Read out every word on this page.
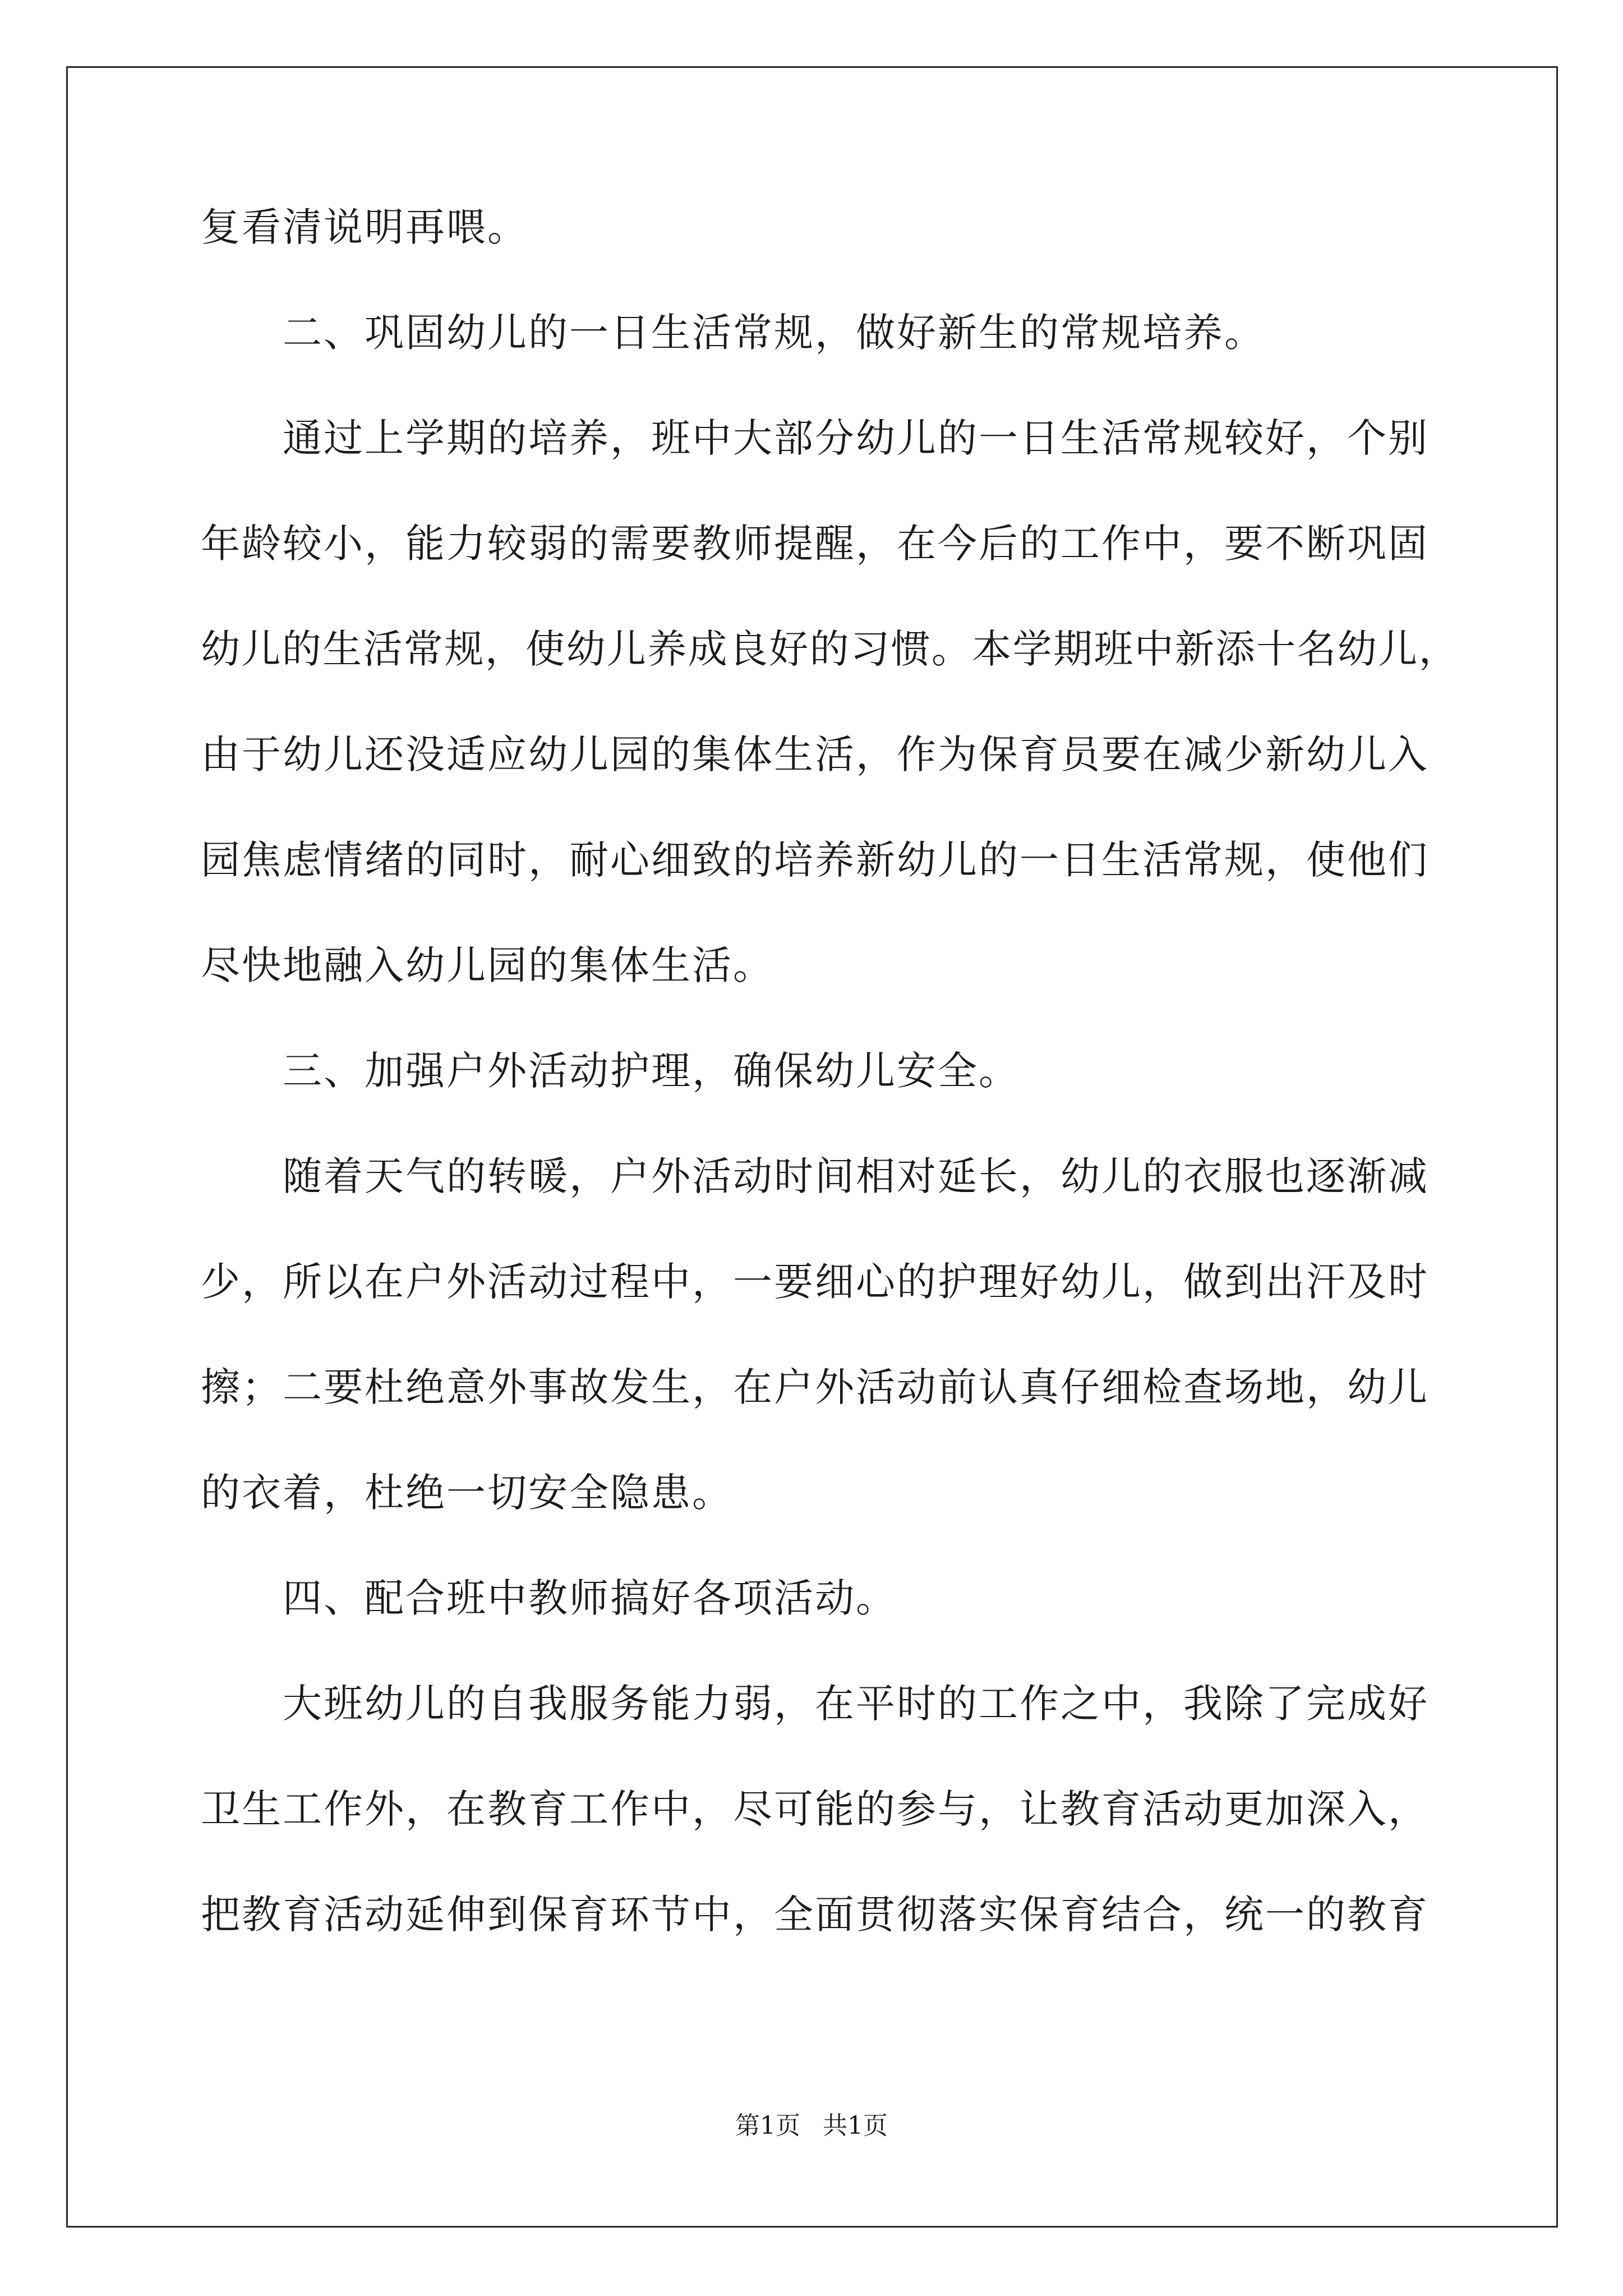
复看清说明再喂。
二、巩固幼儿的一日生活常规，做好新生的常规培养。
通过上学期的培养，班中大部分幼儿的一日生活常规较好，个别
年龄较小，能力较弱的需要教师提醒，在今后的工作中，要不断巩固
幼儿的生活常规，使幼儿养成良好的习惯。本学期班中新添十名幼儿，
由于幼儿还没适应幼儿园的集体生活，作为保育员要在减少新幼儿入
园焦虑情绪的同时，耐心细致的培养新幼儿的一日生活常规，使他们
尽快地融入幼儿园的集体生活。
三、加强户外活动护理，确保幼儿安全。
随着天气的转暖，户外活动时间相对延长，幼儿的衣服也逐渐减
少，所以在户外活动过程中，一要细心的护理好幼儿，做到出汗及时
擦；二要杜绝意外事故发生，在户外活动前认真仔细检查场地，幼儿
的衣着，杜绝一切安全隐患。
四、配合班中教师搞好各项活动。
大班幼儿的自我服务能力弱，在平时的工作之中，我除了完成好
卫生工作外，在教育工作中，尽可能的参与，让教育活动更加深入，
把教育活动延伸到保育环节中，全面贯彻落实保育结合，统一的教育
第1页 共1页
